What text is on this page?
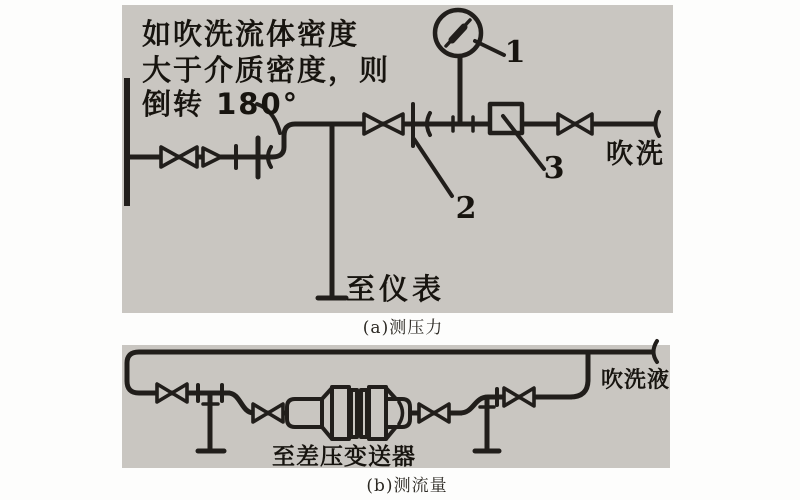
如吹洗流体密度
大于介质密度，则
倒转 180°
1
2
3 吹洗
至仪表
(a)测压力
吹洗液
至差压变送器
(b)测流量
